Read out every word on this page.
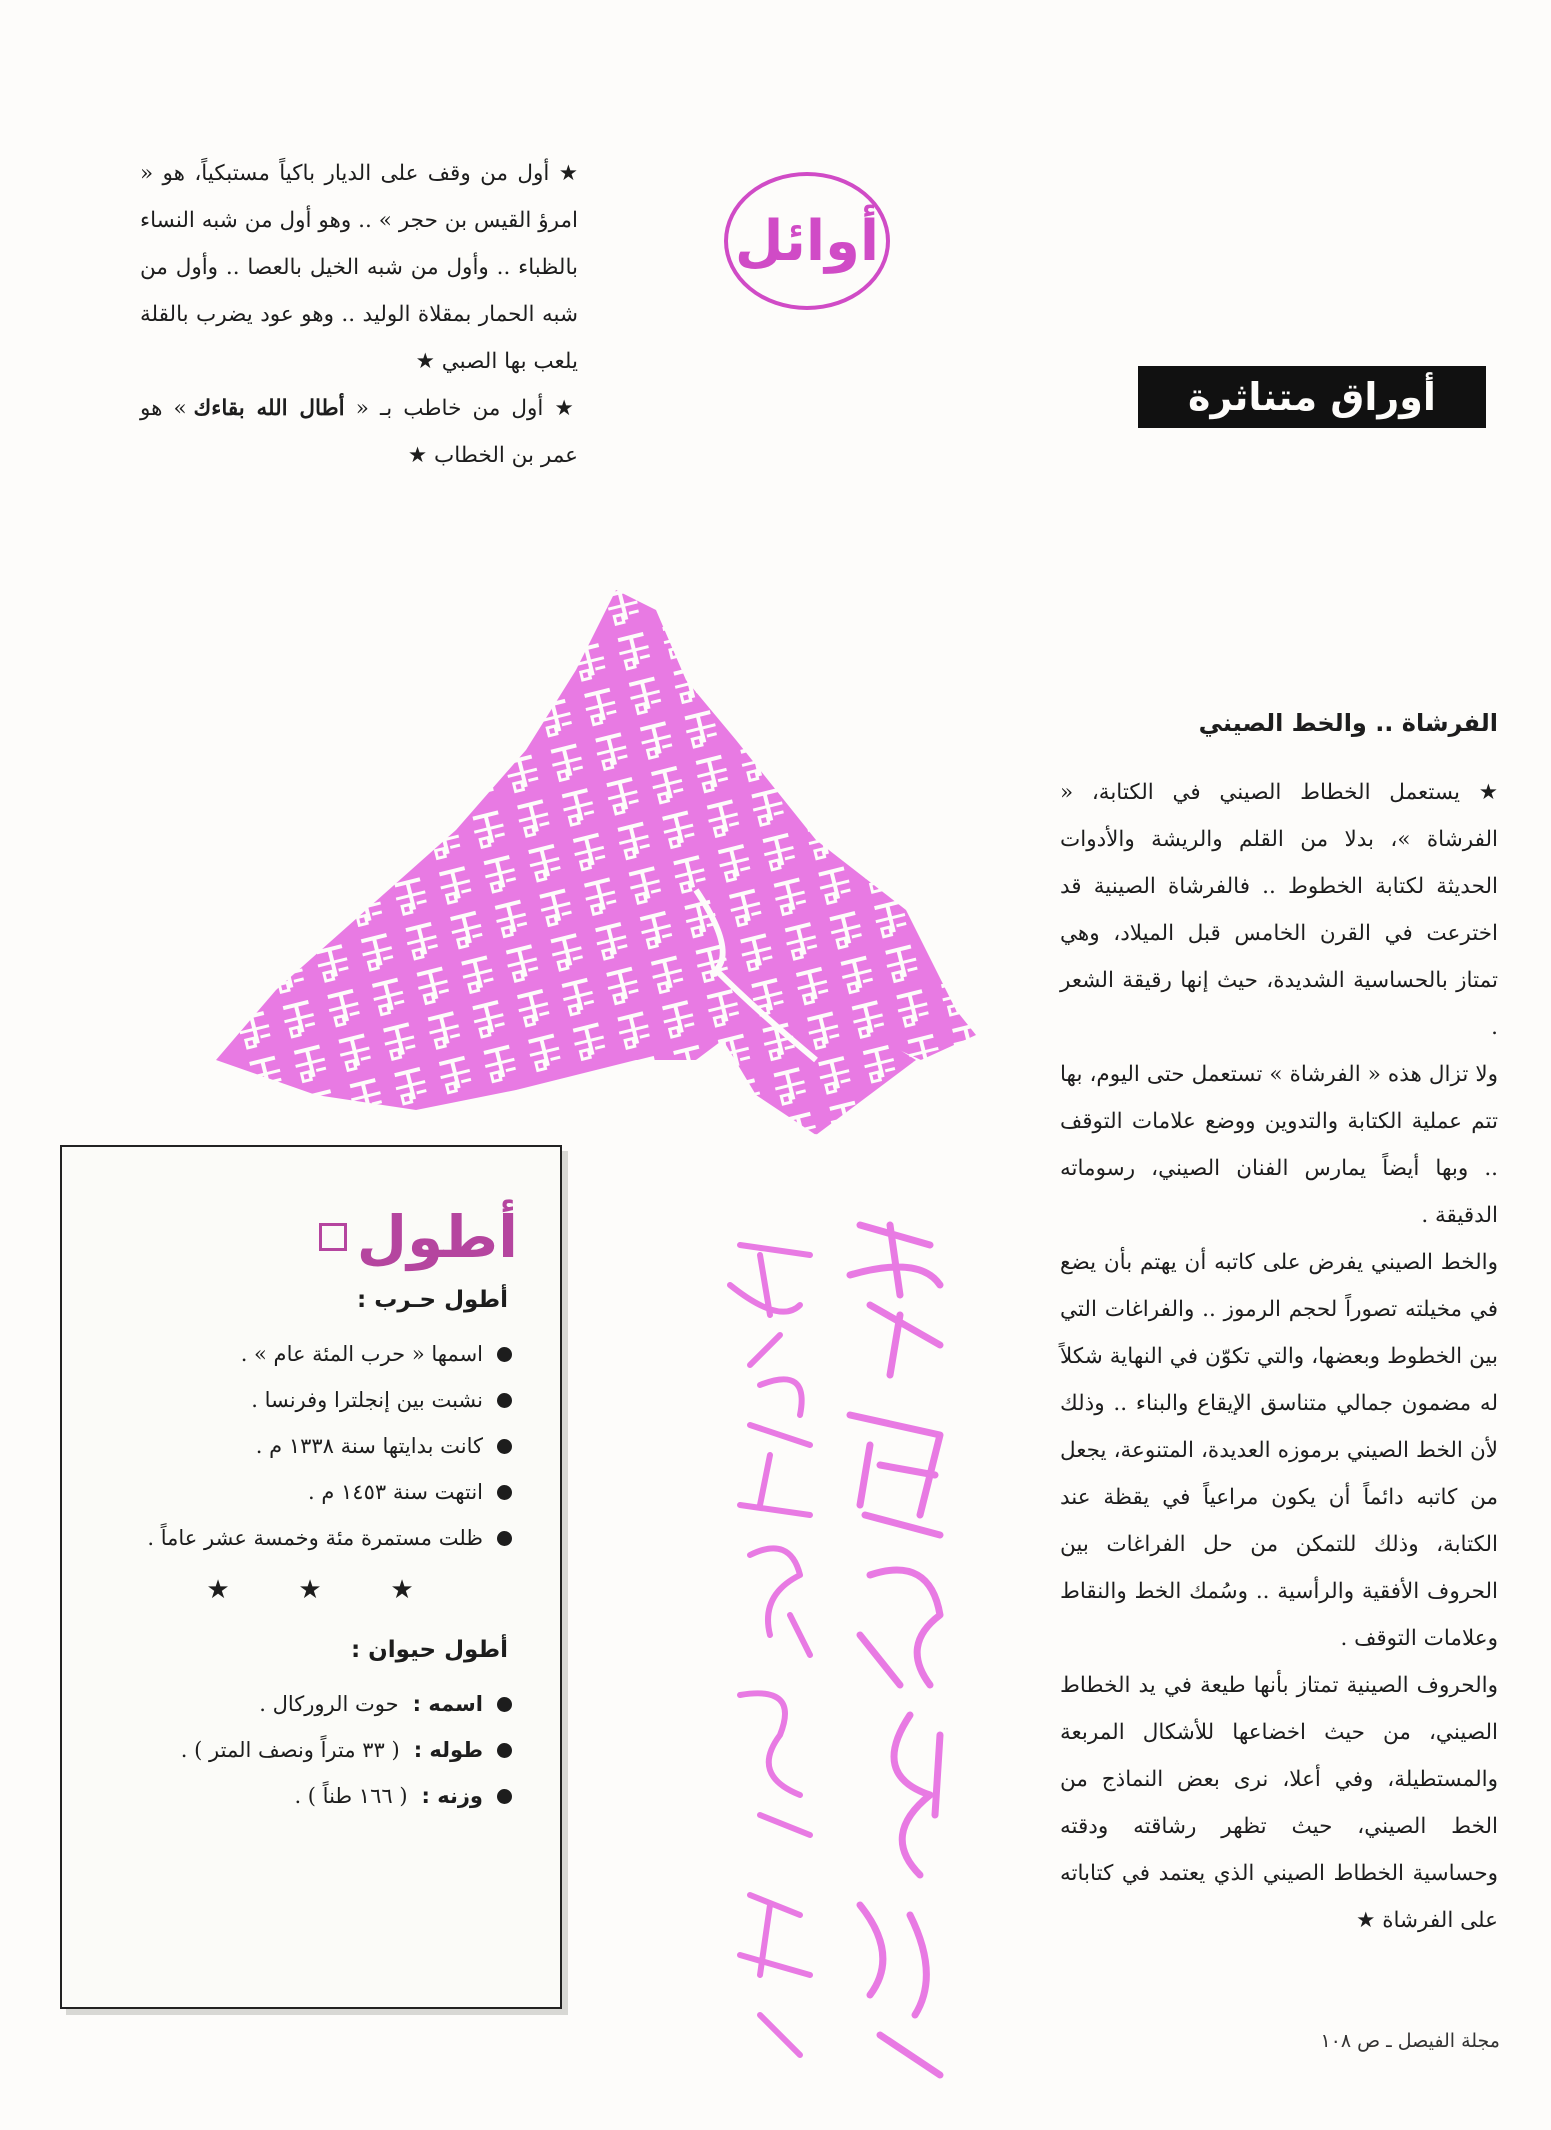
★ أول من وقف على الديار باكياً مستبكياً، هو « امرؤ القيس بن حجر » .. وهو أول من شبه النساء بالظباء .. وأول من شبه الخيل بالعصا .. وأول من شبه الحمار بمقلاة الوليد .. وهو عود يضرب بالقلة يلعب بها الصبي ★

★ أول من خاطب بـ « أطال الله بقاءك » هو عمر بن الخطاب ★

أوائل
أوراق متناثرة
الفرشاة .. والخط الصيني

★ يستعمل الخطاط الصيني في الكتابة، « الفرشاة »، بدلا من القلم والريشة والأدوات الحديثة لكتابة الخطوط .. فالفرشاة الصينية قد اخترعت في القرن الخامس قبل الميلاد، وهي تمتاز بالحساسية الشديدة، حيث إنها رقيقة الشعر .

ولا تزال هذه « الفرشاة » تستعمل حتى اليوم، بها تتم عملية الكتابة والتدوين ووضع علامات التوقف .. وبها أيضاً يمارس الفنان الصيني، رسوماته الدقيقة .

والخط الصيني يفرض على كاتبه أن يهتم بأن يضع في مخيلته تصوراً لحجم الرموز .. والفراغات التي بين الخطوط وبعضها، والتي تكوّن في النهاية شكلاً له مضمون جمالي متناسق الإيقاع والبناء .. وذلك لأن الخط الصيني برموزه العديدة، المتنوعة، يجعل من كاتبه دائماً أن يكون مراعياً في يقظة عند الكتابة، وذلك للتمكن من حل الفراغات بين الحروف الأفقية والرأسية .. وسُمك الخط والنقاط وعلامات التوقف .

والحروف الصينية تمتاز بأنها طيعة في يد الخطاط الصيني، من حيث اخضاعها للأشكال المربعة والمستطيلة، وفي أعلا، نرى بعض النماذج من الخط الصيني، حيث تظهر رشاقته ودقته وحساسية الخطاط الصيني الذي يعتمد في كتاباته على الفرشاة ★

أطول
أطول حـرب :
اسمها « حرب المئة عام » .
نشبت بين إنجلترا وفرنسا .
كانت بدايتها سنة ١٣٣٨ م .
انتهت سنة ١٤٥٣ م .
ظلت مستمرة مئة وخمسة عشر عاماً .
★	★	★
أطول حيوان :
اسمه :
حوت الروركال .
طوله :
( ٣٣ متراً ونصف المتر ) .
وزنه :
( ١٦٦ طناً ) .
مجلة الفيصل ـ ص ١٠٨
